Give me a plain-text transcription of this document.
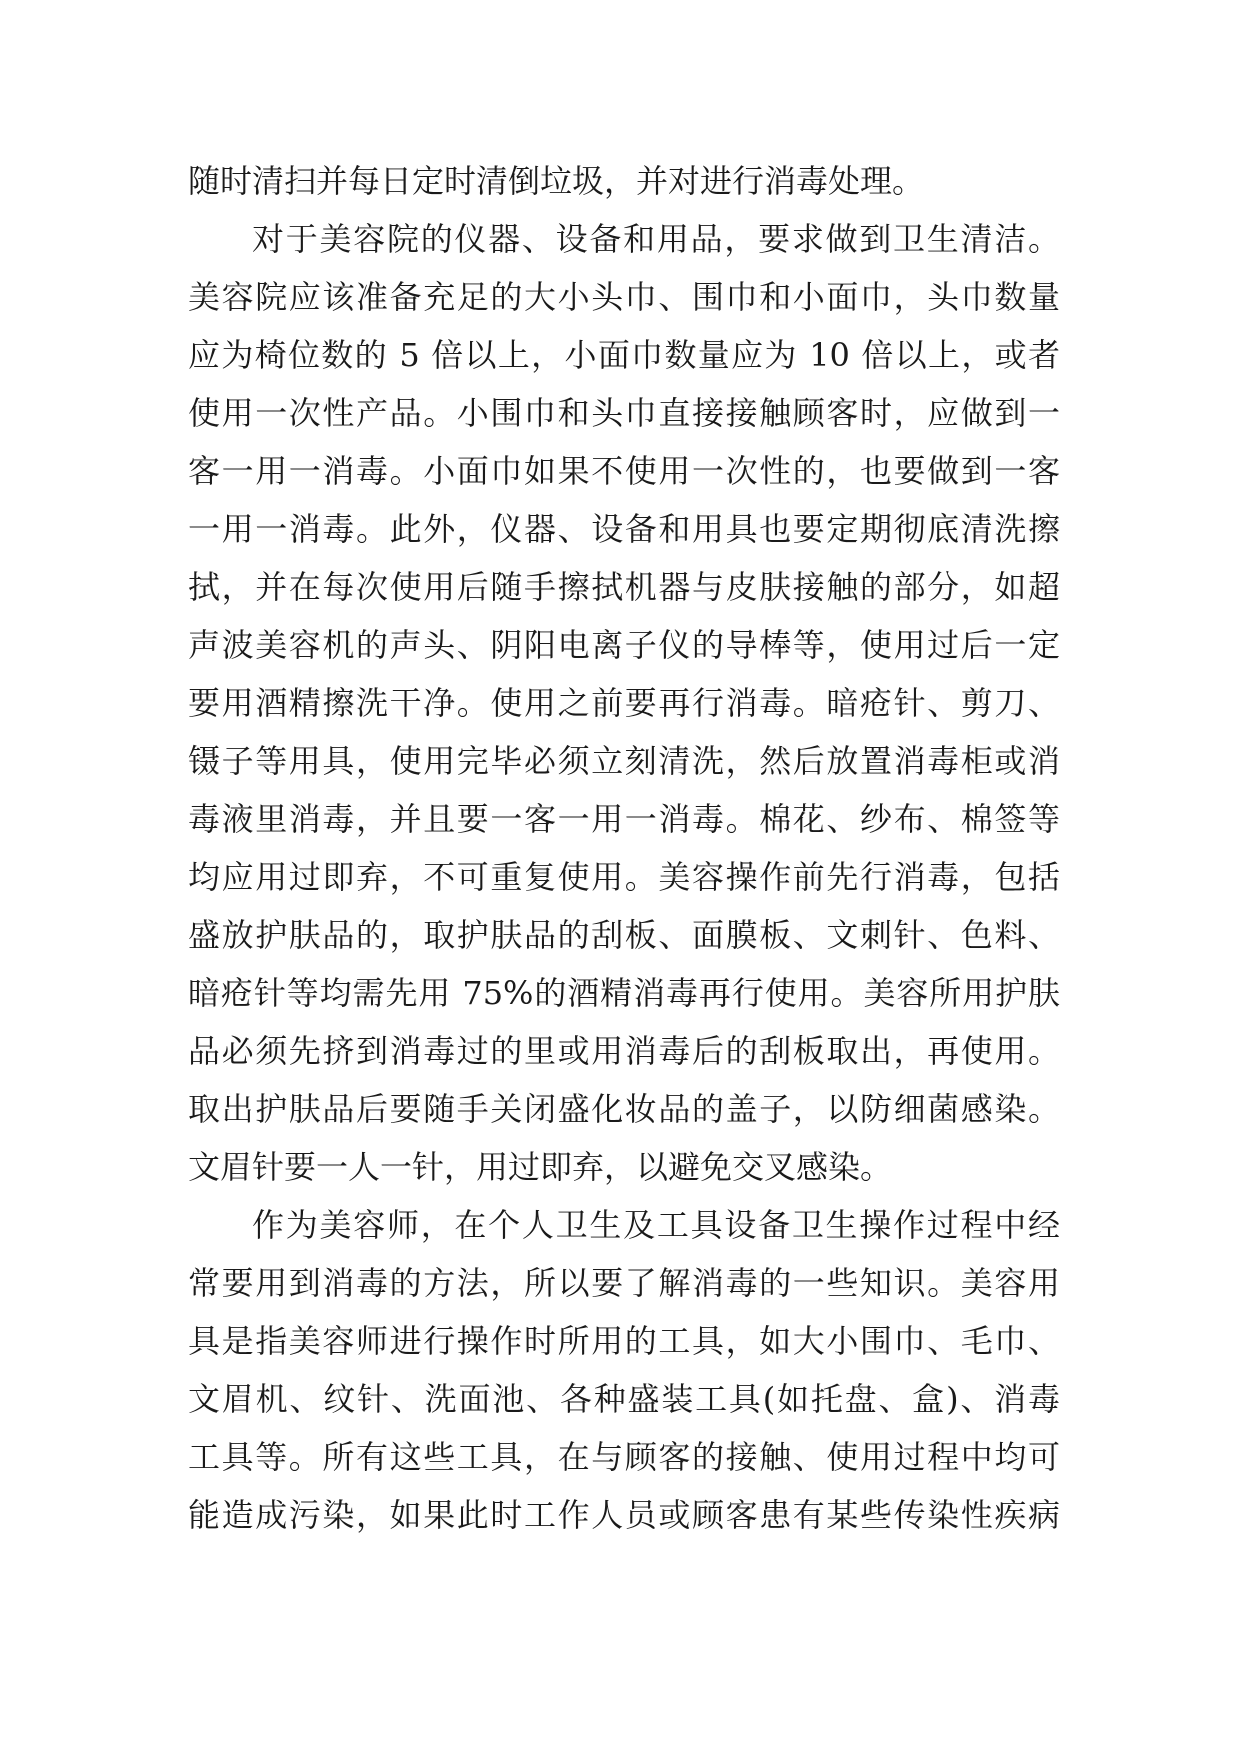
随时清扫并每日定时清倒垃圾，并对进行消毒处理。
对于美容院的仪器、设备和用品，要求做到卫生清洁。
美容院应该准备充足的大小头巾、围巾和小面巾，头巾数量
应为椅位数的 5 倍以上，小面巾数量应为 10 倍以上，或者
使用一次性产品。小围巾和头巾直接接触顾客时，应做到一
客一用一消毒。小面巾如果不使用一次性的，也要做到一客
一用一消毒。此外，仪器、设备和用具也要定期彻底清洗擦
拭，并在每次使用后随手擦拭机器与皮肤接触的部分，如超
声波美容机的声头、阴阳电离子仪的导棒等，使用过后一定
要用酒精擦洗干净。使用之前要再行消毒。暗疮针、剪刀、
镊子等用具，使用完毕必须立刻清洗，然后放置消毒柜或消
毒液里消毒，并且要一客一用一消毒。棉花、纱布、棉签等
均应用过即弃，不可重复使用。美容操作前先行消毒，包括
盛放护肤品的，取护肤品的刮板、面膜板、文刺针、色料、
暗疮针等均需先用 75%的酒精消毒再行使用。美容所用护肤
品必须先挤到消毒过的里或用消毒后的刮板取出，再使用。
取出护肤品后要随手关闭盛化妆品的盖子，以防细菌感染。
文眉针要一人一针，用过即弃，以避免交叉感染。
作为美容师，在个人卫生及工具设备卫生操作过程中经
常要用到消毒的方法，所以要了解消毒的一些知识。美容用
具是指美容师进行操作时所用的工具，如大小围巾、毛巾、
文眉机、纹针、洗面池、各种盛装工具(如托盘、盒)、消毒
工具等。所有这些工具，在与顾客的接触、使用过程中均可
能造成污染，如果此时工作人员或顾客患有某些传染性疾病
